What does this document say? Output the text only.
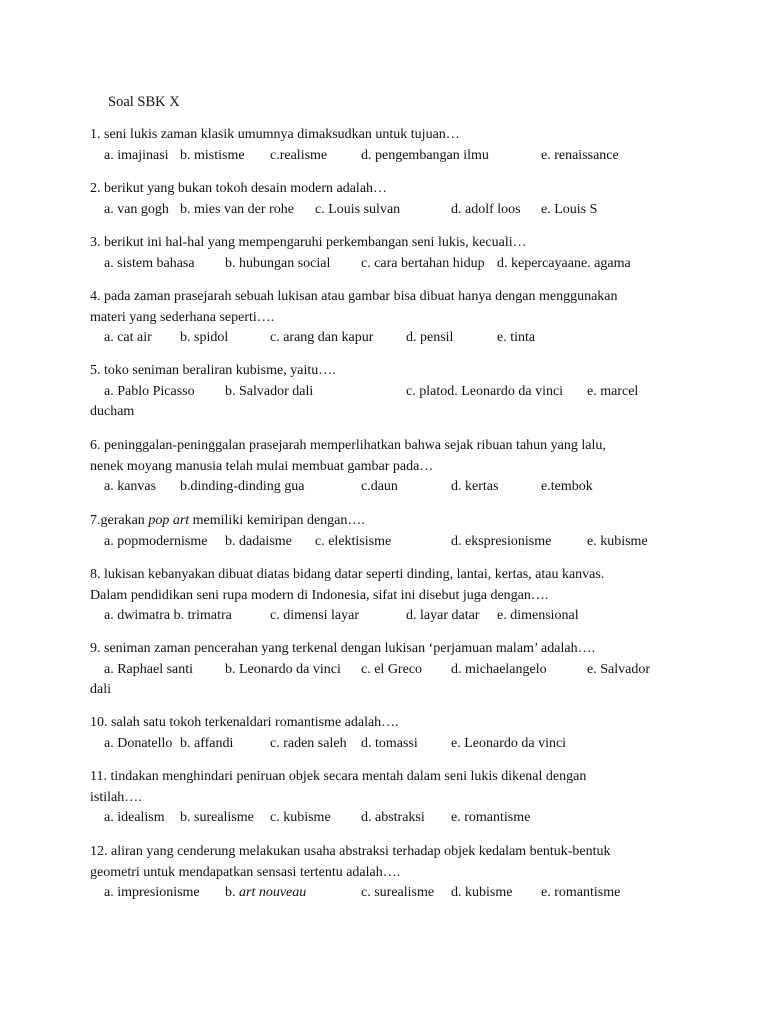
Soal SBK X
1. seni lukis zaman klasik umumnya dimaksudkan untuk tujuan…
a. imajinasi b. mistisme c.realisme d. pengembangan ilmu	e. renaissance
2. berikut yang bukan tokoh desain modern adalah…
a. van gogh b. mies van der rohe c. Louis sulvan	d. adolf loos e. Louis S
3. berikut ini hal-hal yang mempengaruhi perkembangan seni lukis, kecuali…
a. sistem bahasa b. hubungan social c. cara bertahan hidup d. kepercayaane. agama
4. pada zaman prasejarah sebuah lukisan atau gambar bisa dibuat hanya dengan menggunakan
materi yang sederhana seperti….
a. cat air b. spidol	c. arang dan kapur d. pensil	e. tinta
5. toko seniman beraliran kubisme, yaitu….
a. Pablo Picasso b. Salvador dali	c. platod. Leonardo da vinci e. marcel
ducham
6. peninggalan-peninggalan prasejarah memperlihatkan bahwa sejak ribuan tahun yang lalu,
nenek moyang manusia telah mulai membuat gambar pada…
a. kanvas b.dinding-dinding gua	c.daun	d. kertas	e.tembok
7.gerakan pop art memiliki kemiripan dengan….
a. popmodernisme b. dadaisme c. elektisisme	d. ekspresionisme	e. kubisme
8. lukisan kebanyakan dibuat diatas bidang datar seperti dinding, lantai, kertas, atau kanvas.
Dalam pendidikan seni rupa modern di Indonesia, sifat ini disebut juga dengan….
a. dwimatra b. trimatra	c. dimensi layar	d. layar datar e. dimensional
9. seniman zaman pencerahan yang terkenal dengan lukisan ‘perjamuan malam’ adalah….
a. Raphael santi b. Leonardo da vinci c. el Greco d. michaelangelo	e. Salvador
dali
10. salah satu tokoh terkenaldari romantisme adalah….
a. Donatello b. affandi	c. raden saleh d. tomassi e. Leonardo da vinci
11. tindakan menghindari peniruan objek secara mentah dalam seni lukis dikenal dengan
istilah….
a. idealism b. surealisme c. kubisme d. abstraksi e. romantisme
12. aliran yang cenderung melakukan usaha abstraksi terhadap objek kedalam bentuk-bentuk
geometri untuk mendapatkan sensasi tertentu adalah….
a. impresionisme b. art nouveau	c. surealisme d. kubisme e. romantisme
